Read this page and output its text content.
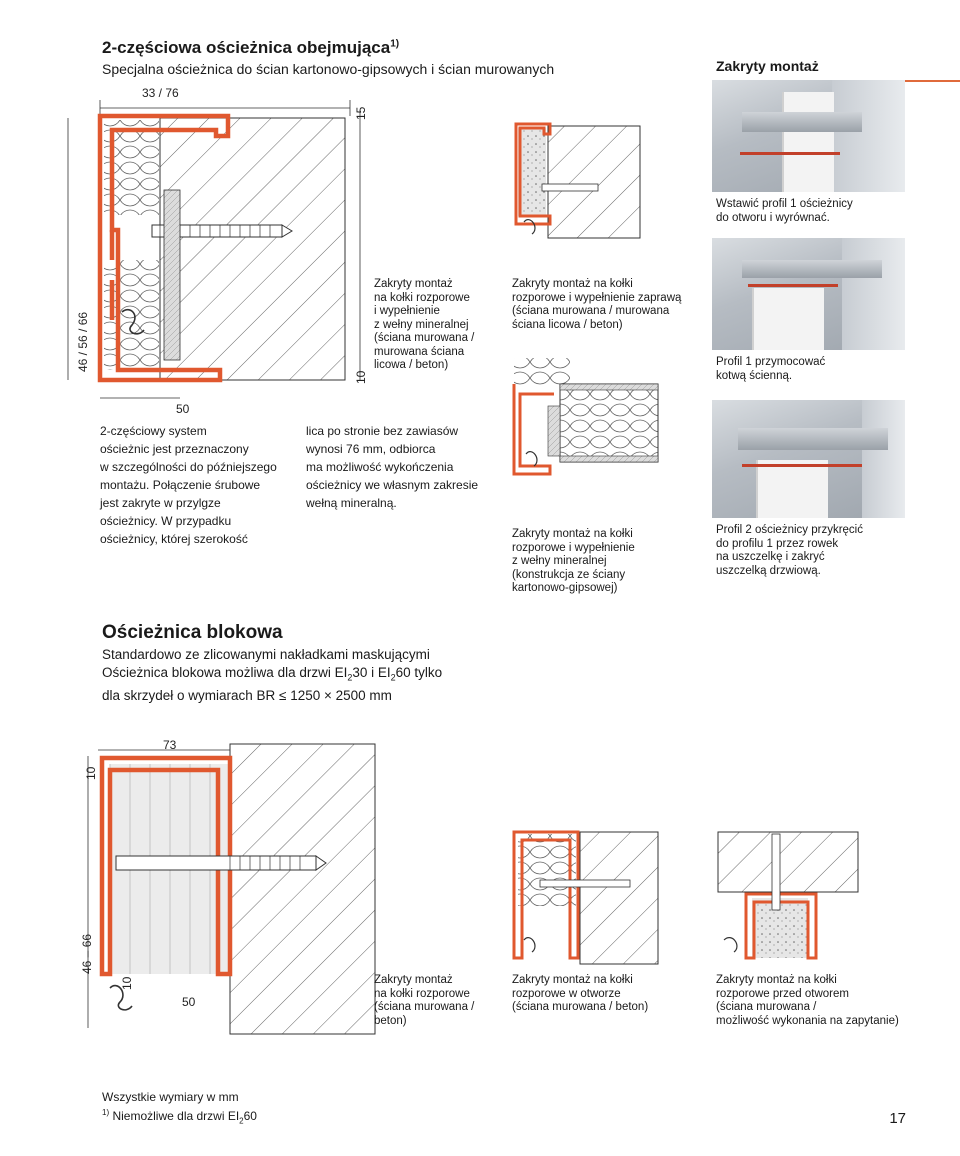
2-częściowa ościeżnica obejmująca$^{1)}$
Specjalna ościeżnica do ścian kartonowo-gipsowych i ścian murowanych	Zakryty montaż
33 / 76
15
10
46 / 56 / 66
50
Zakryty montaż
na kołki rozporowe
i wypełnienie
z wełny mineralnej
(ściana murowana /
murowana ściana
licowa / beton)
Zakryty montaż na kołki
rozporowe i wypełnienie zaprawą
(ściana murowana / murowana
ściana licowa / beton)
Zakryty montaż na kołki
rozporowe i wypełnienie
z wełny mineralnej
(konstrukcja ze ściany
kartonowo-gipsowej)
Wstawić profil 1 ościeżnicy
do otworu i wyrównać.
Profil 1 przymocować
kotwą ścienną.
Profil 2 ościeżnicy przykręcić
do profilu 1 przez rowek
na uszczelkę i zakryć
uszczelką drzwiową.
2-częściowy system
ościeżnic jest przeznaczony
w szczególności do późniejszego
montażu. Połączenie śrubowe
jest zakryte w przylgze
ościeżnicy. W przypadku
ościeżnicy, której szerokość
lica po stronie bez zawiasów
wynosi 76 mm, odbiorca
ma możliwość wykończenia
ościeżnicy we własnym zakresie
wełną mineralną.
Ościeżnica blokowa
Standardowo ze zlicowanymi nakładkami maskującymi
Ościeżnica blokowa możliwa dla drzwi $EI_230$ i $EI_260$ tylko
dla skrzydeł o wymiarach BR ≤ 1250 × 2500 mm
73
10
46 – 66
10
50
Zakryty montaż
na kołki rozporowe
(ściana murowana /
beton)
Zakryty montaż na kołki
rozporowe w otworze
(ściana murowana / beton)
Zakryty montaż na kołki
rozporowe przed otworem
(ściana murowana /
możliwość wykonania na zapytanie)
Wszystkie wymiary w mm
$^{1)}$ Niemożliwe dla drzwi $EI_260$	17
